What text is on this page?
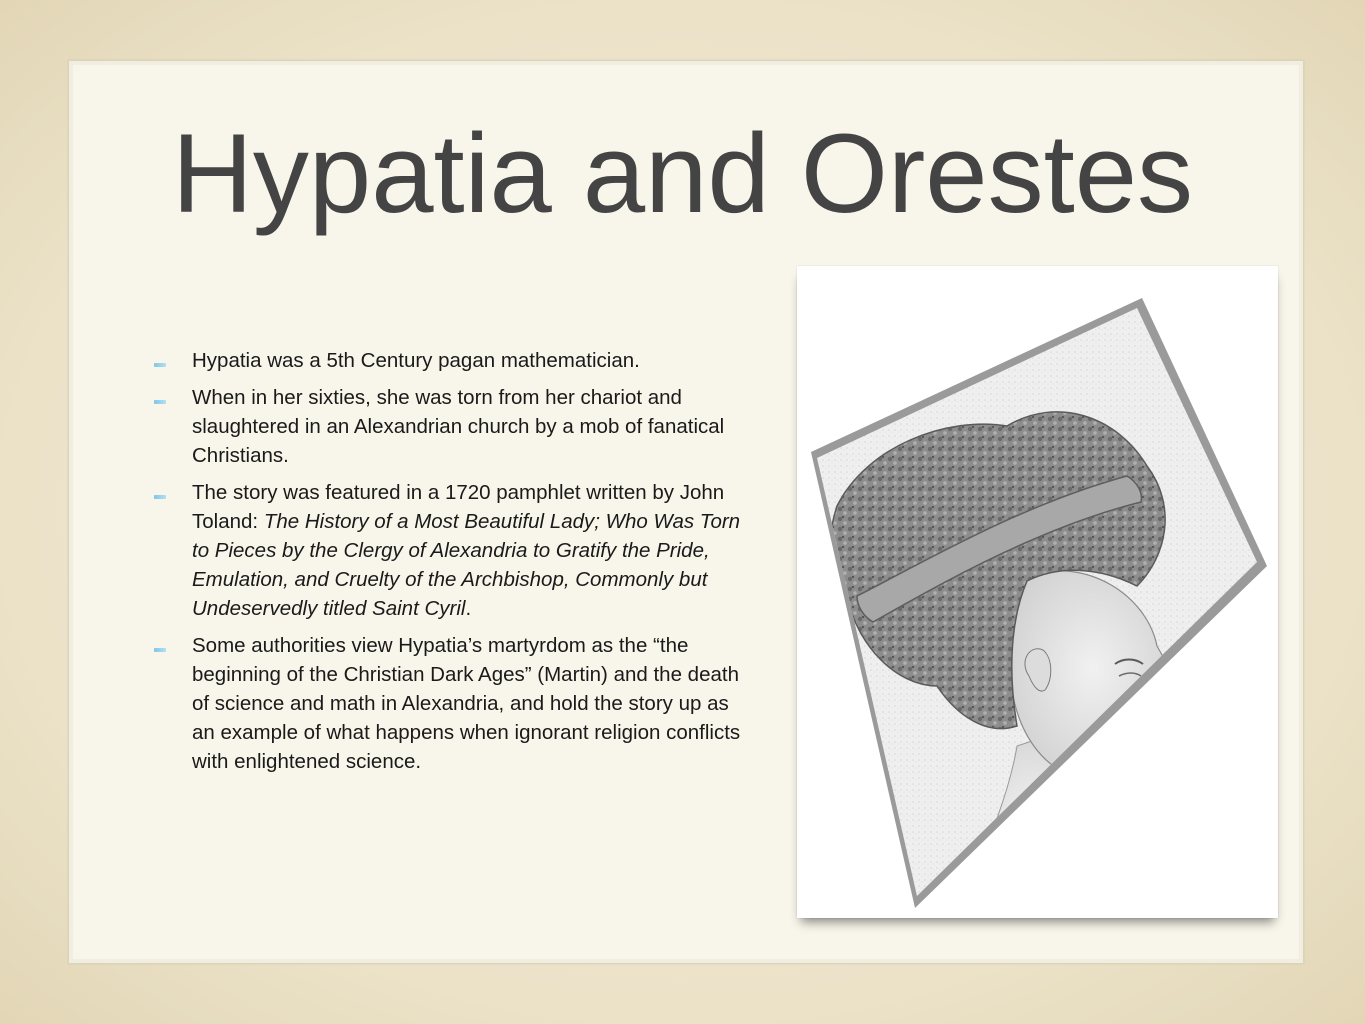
Hypatia and Orestes
Hypatia was a 5th Century pagan mathematician.
When in her sixties, she was torn from her chariot and slaughtered in an Alexandrian church by a mob of fanatical Christians.
The story was featured in a 1720 pamphlet written by John Toland: The History of a Most Beautiful Lady; Who Was Torn to Pieces by the Clergy of Alexandria to Gratify the Pride, Emulation, and Cruelty of the Archbishop, Commonly but Undeservedly titled Saint Cyril.
Some authorities view Hypatia’s martyrdom as the “the beginning of the Christian Dark Ages” (Martin) and the death of science and math in Alexandria, and hold the story up as an example of what happens when ignorant religion conflicts with enlightened science.
